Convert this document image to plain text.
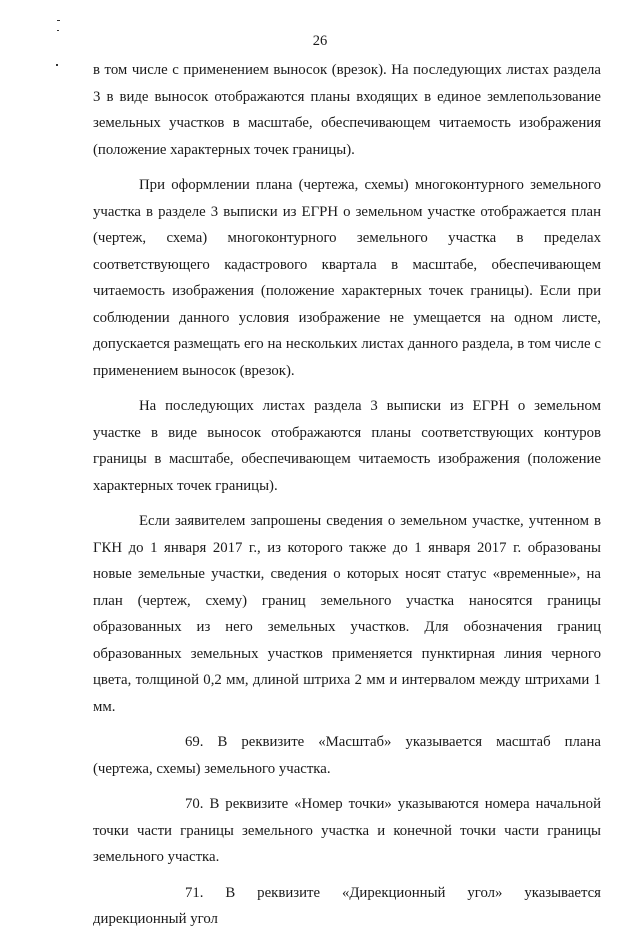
26

в том числе с применением выносок (врезок). На последующих листах раздела 3 в виде выносок отображаются планы входящих в единое землепользование земельных участков в масштабе, обеспечивающем читаемость изображения (положение характерных точек границы).

При оформлении плана (чертежа, схемы) многоконтурного земельного участка в разделе 3 выписки из ЕГРН о земельном участке отображается план (чертеж, схема) многоконтурного земельного участка в пределах соответствующего кадастрового квартала в масштабе, обеспечивающем читаемость изображения (положение характерных точек границы). Если при соблюдении данного условия изображение не умещается на одном листе, допускается размещать его на нескольких листах данного раздела, в том числе с применением выносок (врезок).

На последующих листах раздела 3 выписки из ЕГРН о земельном участке в виде выносок отображаются планы соответствующих контуров границы в масштабе, обеспечивающем читаемость изображения (положение характерных точек границы).

Если заявителем запрошены сведения о земельном участке, учтенном в ГКН до 1 января 2017 г., из которого также до 1 января 2017 г. образованы новые земельные участки, сведения о которых носят статус «временные», на план (чертеж, схему) границ земельного участка наносятся границы образованных из него земельных участков. Для обозначения границ образованных земельных участков применяется пунктирная линия черного цвета, толщиной 0,2 мм, длиной штриха 2 мм и интервалом между штрихами 1 мм.

69. В реквизите «Масштаб» указывается масштаб плана (чертежа, схемы) земельного участка.

70. В реквизите «Номер точки» указываются номера начальной точки части границы земельного участка и конечной точки части границы земельного участка.

71. В реквизите «Дирекционный угол» указывается дирекционный угол
